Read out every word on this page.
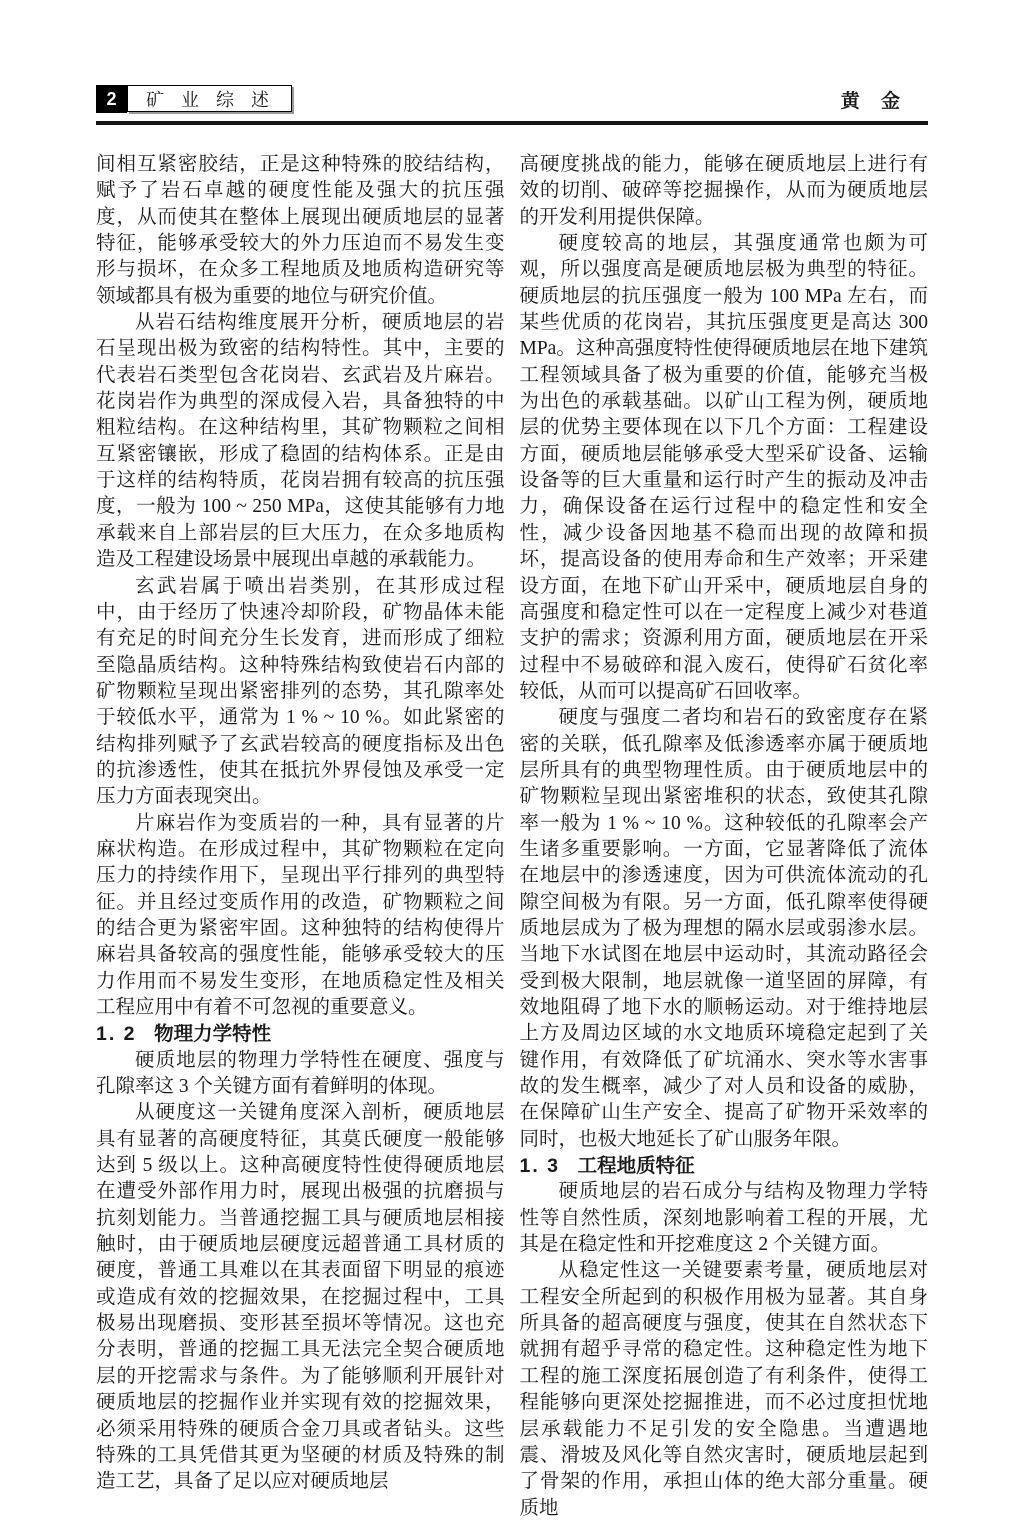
2	矿 业 综 述	黄 金

间相互紧密胶结，正是这种特殊的胶结结构，赋予了岩石卓越的硬度性能及强大的抗压强度，从而使其在整体上展现出硬质地层的显著特征，能够承受较大的外力压迫而不易发生变形与损坏，在众多工程地质及地质构造研究等领域都具有极为重要的地位与研究价值。

从岩石结构维度展开分析，硬质地层的岩石呈现出极为致密的结构特性。其中，主要的代表岩石类型包含花岗岩、玄武岩及片麻岩。花岗岩作为典型的深成侵入岩，具备独特的中粗粒结构。在这种结构里，其矿物颗粒之间相互紧密镶嵌，形成了稳固的结构体系。正是由于这样的结构特质，花岗岩拥有较高的抗压强度，一般为 100 ~ 250 MPa，这使其能够有力地承载来自上部岩层的巨大压力，在众多地质构造及工程建设场景中展现出卓越的承载能力。

玄武岩属于喷出岩类别，在其形成过程中，由于经历了快速冷却阶段，矿物晶体未能有充足的时间充分生长发育，进而形成了细粒至隐晶质结构。这种特殊结构致使岩石内部的矿物颗粒呈现出紧密排列的态势，其孔隙率处于较低水平，通常为 1 % ~ 10 %。如此紧密的结构排列赋予了玄武岩较高的硬度指标及出色的抗渗透性，使其在抵抗外界侵蚀及承受一定压力方面表现突出。

片麻岩作为变质岩的一种，具有显著的片麻状构造。在形成过程中，其矿物颗粒在定向压力的持续作用下，呈现出平行排列的典型特征。并且经过变质作用的改造，矿物颗粒之间的结合更为紧密牢固。这种独特的结构使得片麻岩具备较高的强度性能，能够承受较大的压力作用而不易发生变形，在地质稳定性及相关工程应用中有着不可忽视的重要意义。

1. 2 物理力学特性

硬质地层的物理力学特性在硬度、强度与孔隙率这 3 个关键方面有着鲜明的体现。

从硬度这一关键角度深入剖析，硬质地层具有显著的高硬度特征，其莫氏硬度一般能够达到 5 级以上。这种高硬度特性使得硬质地层在遭受外部作用力时，展现出极强的抗磨损与抗刻划能力。当普通挖掘工具与硬质地层相接触时，由于硬质地层硬度远超普通工具材质的硬度，普通工具难以在其表面留下明显的痕迹或造成有效的挖掘效果，在挖掘过程中，工具极易出现磨损、变形甚至损坏等情况。这也充分表明，普通的挖掘工具无法完全契合硬质地层的开挖需求与条件。为了能够顺利开展针对硬质地层的挖掘作业并实现有效的挖掘效果，必须采用特殊的硬质合金刀具或者钻头。这些特殊的工具凭借其更为坚硬的材质及特殊的制造工艺，具备了足以应对硬质地层

高硬度挑战的能力，能够在硬质地层上进行有效的切削、破碎等挖掘操作，从而为硬质地层的开发利用提供保障。

硬度较高的地层，其强度通常也颇为可观，所以强度高是硬质地层极为典型的特征。硬质地层的抗压强度一般为 100 MPa 左右，而某些优质的花岗岩，其抗压强度更是高达 300 MPa。这种高强度特性使得硬质地层在地下建筑工程领域具备了极为重要的价值，能够充当极为出色的承载基础。以矿山工程为例，硬质地层的优势主要体现在以下几个方面：工程建设方面，硬质地层能够承受大型采矿设备、运输设备等的巨大重量和运行时产生的振动及冲击力，确保设备在运行过程中的稳定性和安全性，减少设备因地基不稳而出现的故障和损坏，提高设备的使用寿命和生产效率；开采建设方面，在地下矿山开采中，硬质地层自身的高强度和稳定性可以在一定程度上减少对巷道支护的需求；资源利用方面，硬质地层在开采过程中不易破碎和混入废石，使得矿石贫化率较低，从而可以提高矿石回收率。

硬度与强度二者均和岩石的致密度存在紧密的关联，低孔隙率及低渗透率亦属于硬质地层所具有的典型物理性质。由于硬质地层中的矿物颗粒呈现出紧密堆积的状态，致使其孔隙率一般为 1 % ~ 10 %。这种较低的孔隙率会产生诸多重要影响。一方面，它显著降低了流体在地层中的渗透速度，因为可供流体流动的孔隙空间极为有限。另一方面，低孔隙率使得硬质地层成为了极为理想的隔水层或弱渗水层。当地下水试图在地层中运动时，其流动路径会受到极大限制，地层就像一道坚固的屏障，有效地阻碍了地下水的顺畅运动。对于维持地层上方及周边区域的水文地质环境稳定起到了关键作用，有效降低了矿坑涌水、突水等水害事故的发生概率，减少了对人员和设备的威胁，在保障矿山生产安全、提高了矿物开采效率的同时，也极大地延长了矿山服务年限。

1. 3 工程地质特征

硬质地层的岩石成分与结构及物理力学特性等自然性质，深刻地影响着工程的开展，尤其是在稳定性和开挖难度这 2 个关键方面。

从稳定性这一关键要素考量，硬质地层对工程安全所起到的积极作用极为显著。其自身所具备的超高硬度与强度，使其在自然状态下就拥有超乎寻常的稳定性。这种稳定性为地下工程的施工深度拓展创造了有利条件，使得工程能够向更深处挖掘推进，而不必过度担忧地层承载能力不足引发的安全隐患。当遭遇地震、滑坡及风化等自然灾害时，硬质地层起到了骨架的作用，承担山体的绝大部分重量。硬质地
